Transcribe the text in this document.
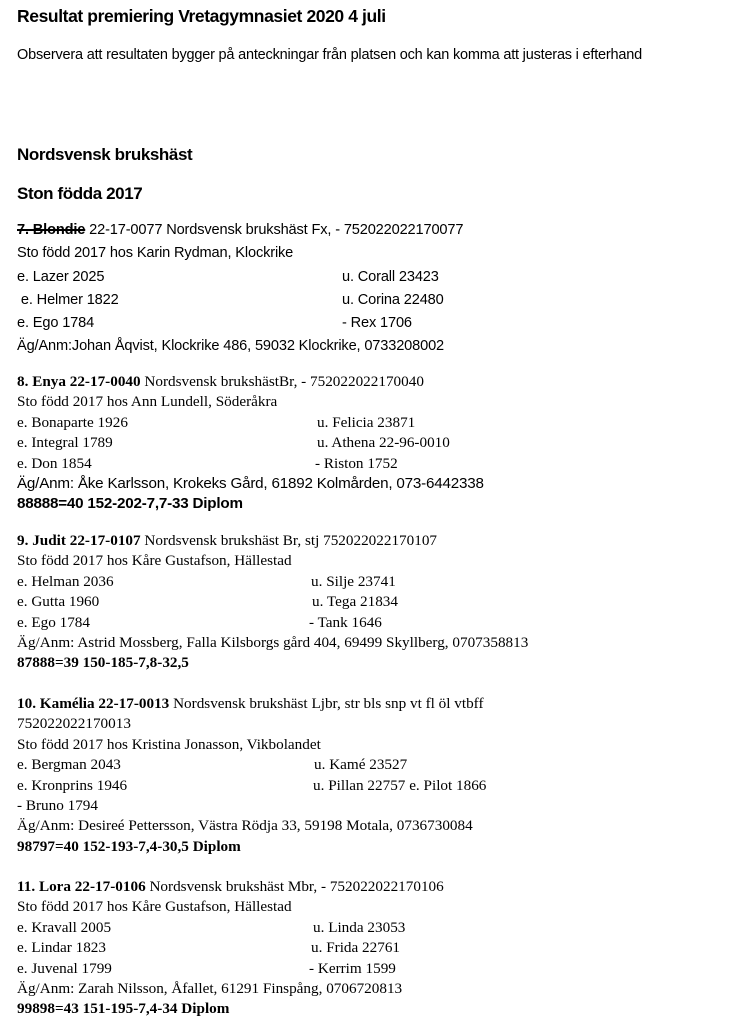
Resultat premiering Vretagymnasiet 2020 4 juli

Observera att resultaten bygger på anteckningar från platsen och kan komma att justeras i efterhand

Nordsvensk brukshäst
Ston födda 2017
7. Blondie 22-17-0077 Nordsvensk brukshäst Fx, - 752022022170077
Sto född 2017 hos Karin Rydman, Klockrike
e. Lazer 2025	u. Corall 23423
e. Helmer 1822	u. Corina 22480
e. Ego 1784	- Rex 1706
Äg/Anm:Johan Åqvist, Klockrike 486, 59032 Klockrike, 0733208002
8. Enya 22-17-0040 Nordsvensk brukshästBr, - 752022022170040
Sto född 2017 hos Ann Lundell, Söderåkra
e. Bonaparte 1926	u. Felicia 23871
e. Integral 1789	u. Athena 22-96-0010
e. Don 1854	- Riston 1752
Äg/Anm: Åke Karlsson, Krokeks Gård, 61892 Kolmården, 073-6442338
88888=40 152-202-7,7-33 Diplom
9. Judit 22-17-0107 Nordsvensk brukshäst Br, stj 752022022170107
Sto född 2017 hos Kåre Gustafson, Hällestad
e. Helman 2036	u. Silje 23741
e. Gutta 1960	u. Tega 21834
e. Ego 1784	- Tank 1646
Äg/Anm: Astrid Mossberg, Falla Kilsborgs gård 404, 69499 Skyllberg, 0707358813
87888=39 150-185-7,8-32,5
10. Kamélia 22-17-0013 Nordsvensk brukshäst Ljbr, str bls snp vt fl öl vtbff
752022022170013
Sto född 2017 hos Kristina Jonasson, Vikbolandet
e. Bergman 2043	u. Kamé 23527
e. Kronprins 1946	u. Pillan 22757 e. Pilot 1866
- Bruno 1794
Äg/Anm: Desireé Pettersson, Västra Rödja 33, 59198 Motala, 0736730084
98797=40 152-193-7,4-30,5 Diplom
11. Lora 22-17-0106 Nordsvensk brukshäst Mbr, - 752022022170106
Sto född 2017 hos Kåre Gustafson, Hällestad
e. Kravall 2005	u. Linda 23053
e. Lindar 1823	u. Frida 22761
e. Juvenal 1799	- Kerrim 1599
Äg/Anm: Zarah Nilsson, Åfallet, 61291 Finspång, 0706720813
99898=43 151-195-7,4-34 Diplom
